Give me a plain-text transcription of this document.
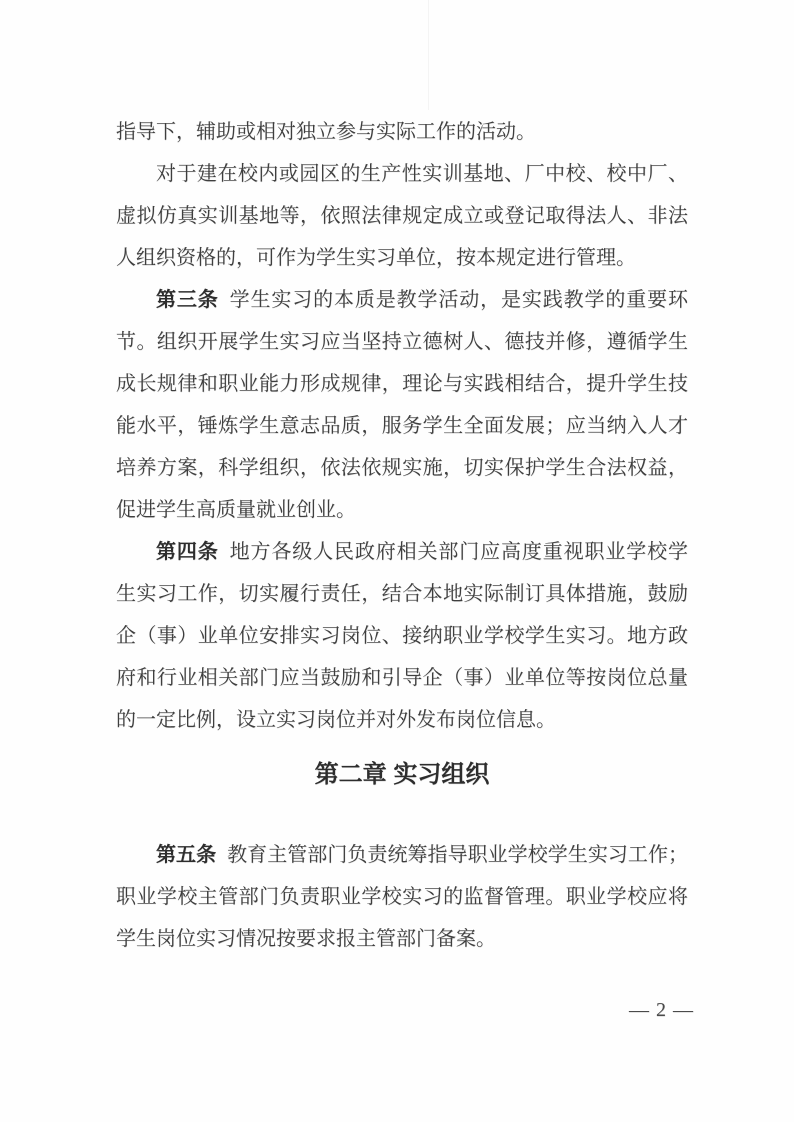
指导下，辅助或相对独立参与实际工作的活动。
对于建在校内或园区的生产性实训基地、厂中校、校中厂、
虚拟仿真实训基地等，依照法律规定成立或登记取得法人、非法
人组织资格的，可作为学生实习单位，按本规定进行管理。
第三条 学生实习的本质是教学活动，是实践教学的重要环
节。组织开展学生实习应当坚持立德树人、德技并修，遵循学生
成长规律和职业能力形成规律，理论与实践相结合，提升学生技
能水平，锤炼学生意志品质，服务学生全面发展；应当纳入人才
培养方案，科学组织，依法依规实施，切实保护学生合法权益，
促进学生高质量就业创业。
第四条 地方各级人民政府相关部门应高度重视职业学校学
生实习工作，切实履行责任，结合本地实际制订具体措施，鼓励
企（事）业单位安排实习岗位、接纳职业学校学生实习。地方政
府和行业相关部门应当鼓励和引导企（事）业单位等按岗位总量
的一定比例，设立实习岗位并对外发布岗位信息。
第二章 实习组织
第五条 教育主管部门负责统筹指导职业学校学生实习工作；
职业学校主管部门负责职业学校实习的监督管理。职业学校应将
学生岗位实习情况按要求报主管部门备案。
— 2 —
